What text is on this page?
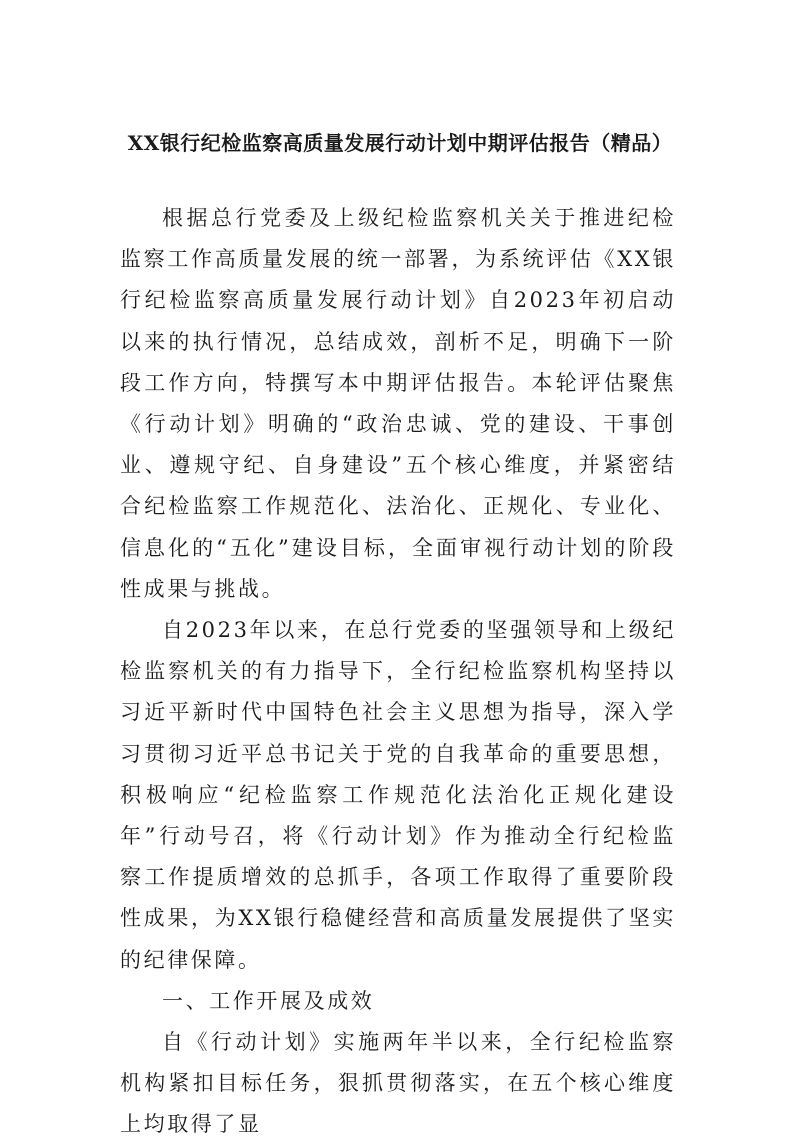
XX银行纪检监察高质量发展行动计划中期评估报告（精品）

根据总行党委及上级纪检监察机关关于推进纪检监察工作高质量发展的统一部署，为系统评估《XX银行纪检监察高质量发展行动计划》自2023年初启动以来的执行情况，总结成效，剖析不足，明确下一阶段工作方向，特撰写本中期评估报告。本轮评估聚焦《行动计划》明确的“政治忠诚、党的建设、干事创业、遵规守纪、自身建设”五个核心维度，并紧密结合纪检监察工作规范化、法治化、正规化、专业化、信息化的“五化”建设目标，全面审视行动计划的阶段性成果与挑战。

自2023年以来，在总行党委的坚强领导和上级纪检监察机关的有力指导下，全行纪检监察机构坚持以习近平新时代中国特色社会主义思想为指导，深入学习贯彻习近平总书记关于党的自我革命的重要思想，积极响应“纪检监察工作规范化法治化正规化建设年”行动号召，将《行动计划》作为推动全行纪检监察工作提质增效的总抓手，各项工作取得了重要阶段性成果，为XX银行稳健经营和高质量发展提供了坚实的纪律保障。

一、工作开展及成效

自《行动计划》实施两年半以来，全行纪检监察机构紧扣目标任务，狠抓贯彻落实，在五个核心维度上均取得了显
